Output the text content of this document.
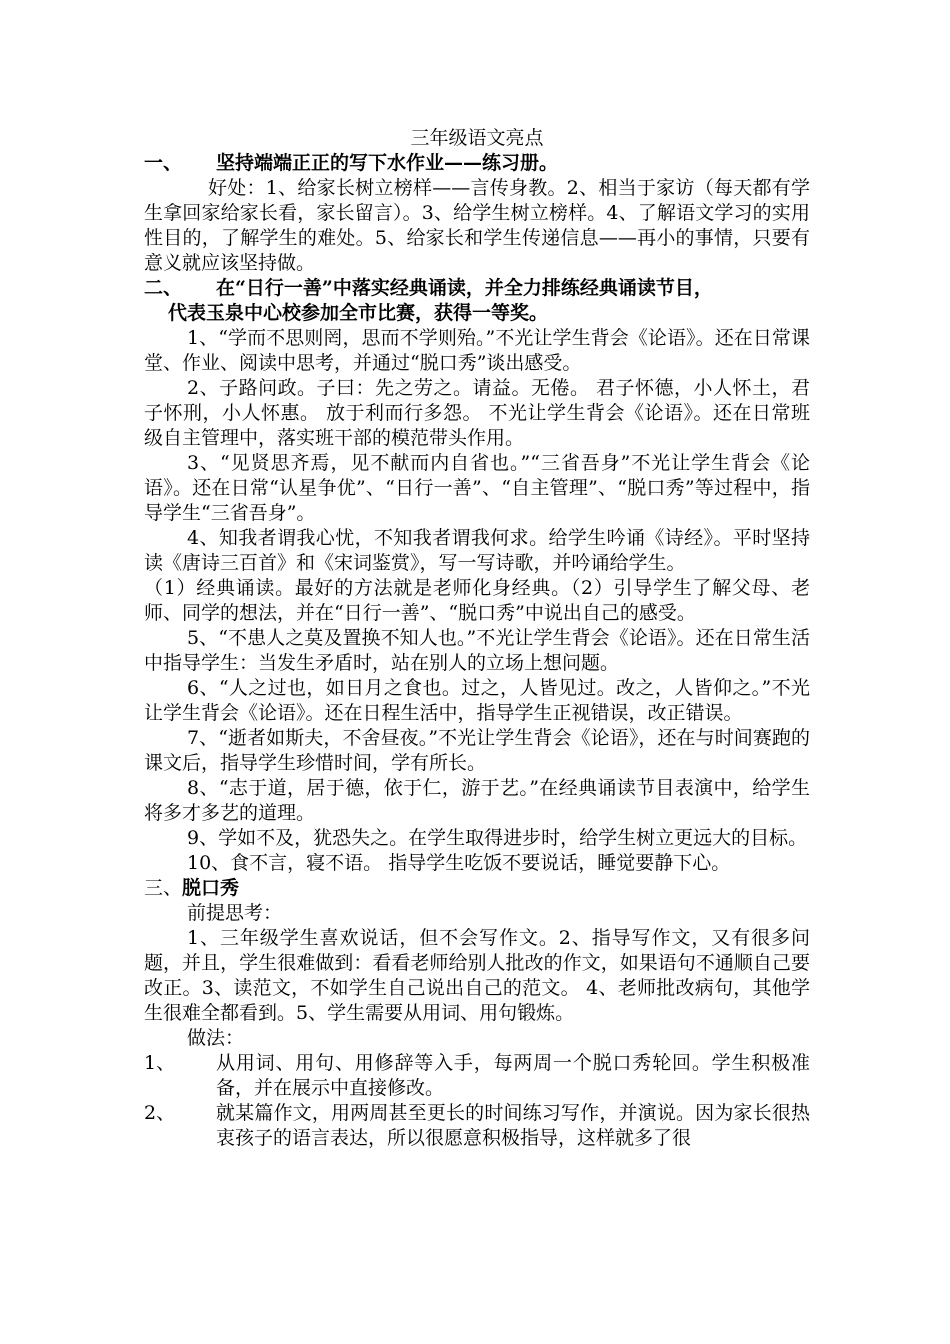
三年级语文亮点

一、 坚持端端正正的写下水作业——练习册。

好处：1、给家长树立榜样——言传身教。2、相当于家访（每天都有学生拿回家给家长看，家长留言）。3、给学生树立榜样。4、了解语文学习的实用性目的，了解学生的难处。5、给家长和学生传递信息——再小的事情，只要有意义就应该坚持做。

二、 在“日行一善”中落实经典诵读，并全力排练经典诵读节目，
代表玉泉中心校参加全市比赛，获得一等奖。

1、“学而不思则罔，思而不学则殆。”不光让学生背会《论语》。还在日常课堂、作业、阅读中思考，并通过“脱口秀”谈出感受。

2、子路问政。子曰：先之劳之。请益。无倦。 君子怀德，小人怀土，君子怀刑，小人怀惠。 放于利而行多怨。 不光让学生背会《论语》。还在日常班级自主管理中，落实班干部的模范带头作用。

3、“见贤思齐焉，见不献而内自省也。”“三省吾身”不光让学生背会《论语》。还在日常“认星争优”、“日行一善”、“自主管理”、“脱口秀”等过程中，指导学生“三省吾身”。

4、知我者谓我心忧，不知我者谓我何求。给学生吟诵《诗经》。平时坚持读《唐诗三百首》和《宋词鉴赏》，写一写诗歌，并吟诵给学生。

（1）经典诵读。最好的方法就是老师化身经典。（2）引导学生了解父母、老师、同学的想法，并在“日行一善”、“脱口秀”中说出自己的感受。

5、“不患人之莫及置换不知人也。”不光让学生背会《论语》。还在日常生活中指导学生：当发生矛盾时，站在别人的立场上想问题。

6、“人之过也，如日月之食也。过之，人皆见过。改之，人皆仰之。”不光让学生背会《论语》。还在日程生活中，指导学生正视错误，改正错误。

7、“逝者如斯夫，不舍昼夜。”不光让学生背会《论语》，还在与时间赛跑的课文后，指导学生珍惜时间，学有所长。

8、“志于道，居于德，依于仁，游于艺。”在经典诵读节目表演中，给学生将多才多艺的道理。

9、学如不及，犹恐失之。在学生取得进步时，给学生树立更远大的目标。

10、食不言，寝不语。 指导学生吃饭不要说话，睡觉要静下心。

三、脱口秀

前提思考：

1、三年级学生喜欢说话，但不会写作文。2、指导写作文，又有很多问题，并且，学生很难做到：看看老师给别人批改的作文，如果语句不通顺自己要改正。3、读范文，不如学生自己说出自己的范文。 4、老师批改病句，其他学生很难全都看到。5、学生需要从用词、用句锻炼。

做法：

1、 从用词、用句、用修辞等入手，每两周一个脱口秀轮回。学生积极准备，并在展示中直接修改。

2、 就某篇作文，用两周甚至更长的时间练习写作，并演说。因为家长很热衷孩子的语言表达，所以很愿意积极指导，这样就多了很
